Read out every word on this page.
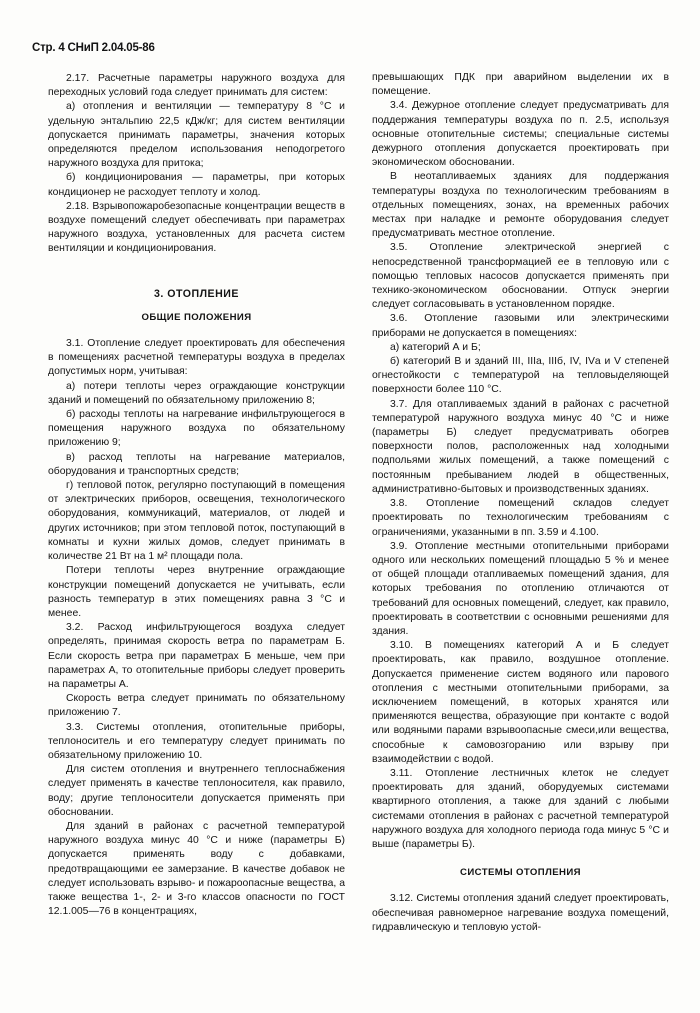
Стр. 4 СНиП 2.04.05-86

2.17. Расчетные параметры наружного воздуха для переходных условий года следует принимать для систем:

а) отопления и вентиляции — температуру 8 °С и удельную энтальпию 22,5 кДж/кг; для систем вентиляции допускается принимать параметры, значения которых определяются пределом использования неподогретого наружного воздуха для притока;

б) кондиционирования — параметры, при которых кондиционер не расходует теплоту и холод.

2.18. Взрывопожаробезопасные концентрации веществ в воздухе помещений следует обеспечивать при параметрах наружного воздуха, установленных для расчета систем вентиляции и кондиционирования.

3. ОТОПЛЕНИЕ
ОБЩИЕ ПОЛОЖЕНИЯ

3.1. Отопление следует проектировать для обеспечения в помещениях расчетной температуры воздуха в пределах допустимых норм, учитывая:

а) потери теплоты через ограждающие конструкции зданий и помещений по обязательному приложению 8;

б) расходы теплоты на нагревание инфильтрующегося в помещения наружного воздуха по обязательному приложению 9;

в) расход теплоты на нагревание материалов, оборудования и транспортных средств;

г) тепловой поток, регулярно поступающий в помещения от электрических приборов, освещения, технологического оборудования, коммуникаций, материалов, от людей и других источников; при этом тепловой поток, поступающий в комнаты и кухни жилых домов, следует принимать в количестве 21 Вт на 1 м² площади пола.

Потери теплоты через внутренние ограждающие конструкции помещений допускается не учитывать, если разность температур в этих помещениях равна 3 °С и менее.

3.2. Расход инфильтрующегося воздуха следует определять, принимая скорость ветра по параметрам Б. Если скорость ветра при параметрах Б меньше, чем при параметрах А, то отопительные приборы следует проверить на параметры А.

Скорость ветра следует принимать по обязательному приложению 7.

3.3. Системы отопления, отопительные приборы, теплоноситель и его температуру следует принимать по обязательному приложению 10.

Для систем отопления и внутреннего теплоснабжения следует применять в качестве теплоносителя, как правило, воду; другие теплоносители допускается применять при обосновании.

Для зданий в районах с расчетной температурой наружного воздуха минус 40 °С и ниже (параметры Б) допускается применять воду с добавками, предотвращающими ее замерзание. В качестве добавок не следует использовать взрыво- и пожароопасные вещества, а также вещества 1-, 2- и 3-го классов опасности по ГОСТ 12.1.005—76 в концентрациях,

превышающих ПДК при аварийном выделении их в помещение.

3.4. Дежурное отопление следует предусматривать для поддержания температуры воздуха по п. 2.5, используя основные отопительные системы; специальные системы дежурного отопления допускается проектировать при экономическом обосновании.

В неотапливаемых зданиях для поддержания температуры воздуха по технологическим требованиям в отдельных помещениях, зонах, на временных рабочих местах при наладке и ремонте оборудования следует предусматривать местное отопление.

3.5. Отопление электрической энергией с непосредственной трансформацией ее в тепловую или с помощью тепловых насосов допускается применять при технико-экономическом обосновании. Отпуск энергии следует согласовывать в установленном порядке.

3.6. Отопление газовыми или электрическими приборами не допускается в помещениях:

а) категорий А и Б;

б) категорий В и зданий III, IIIа, IIIб, IV, IVа и V степеней огнестойкости с температурой на тепловыделяющей поверхности более 110 °С.

3.7. Для отапливаемых зданий в районах с расчетной температурой наружного воздуха минус 40 °С и ниже (параметры Б) следует предусматривать обогрев поверхности полов, расположенных над холодными подпольями жилых помещений, а также помещений с постоянным пребыванием людей в общественных, административно-бытовых и производственных зданиях.

3.8. Отопление помещений складов следует проектировать по технологическим требованиям с ограничениями, указанными в пп. 3.59 и 4.100.

3.9. Отопление местными отопительными приборами одного или нескольких помещений площадью 5 % и менее от общей площади отапливаемых помещений здания, для которых требования по отоплению отличаются от требований для основных помещений, следует, как правило, проектировать в соответствии с основными решениями для здания.

3.10. В помещениях категорий А и Б следует проектировать, как правило, воздушное отопление. Допускается применение систем водяного или парового отопления с местными отопительными приборами, за исключением помещений, в которых хранятся или применяются вещества, образующие при контакте с водой или водяными парами взрывоопасные смеси,или вещества, способные к самовозгоранию или взрыву при взаимодействии с водой.

3.11. Отопление лестничных клеток не следует проектировать для зданий, оборудуемых системами квартирного отопления, а также для зданий с любыми системами отопления в районах с расчетной температурой наружного воздуха для холодного периода года минус 5 °С и выше (параметры Б).

СИСТЕМЫ ОТОПЛЕНИЯ

3.12. Системы отопления зданий следует проектировать, обеспечивая равномерное нагревание воздуха помещений, гидравлическую и тепловую устой-
